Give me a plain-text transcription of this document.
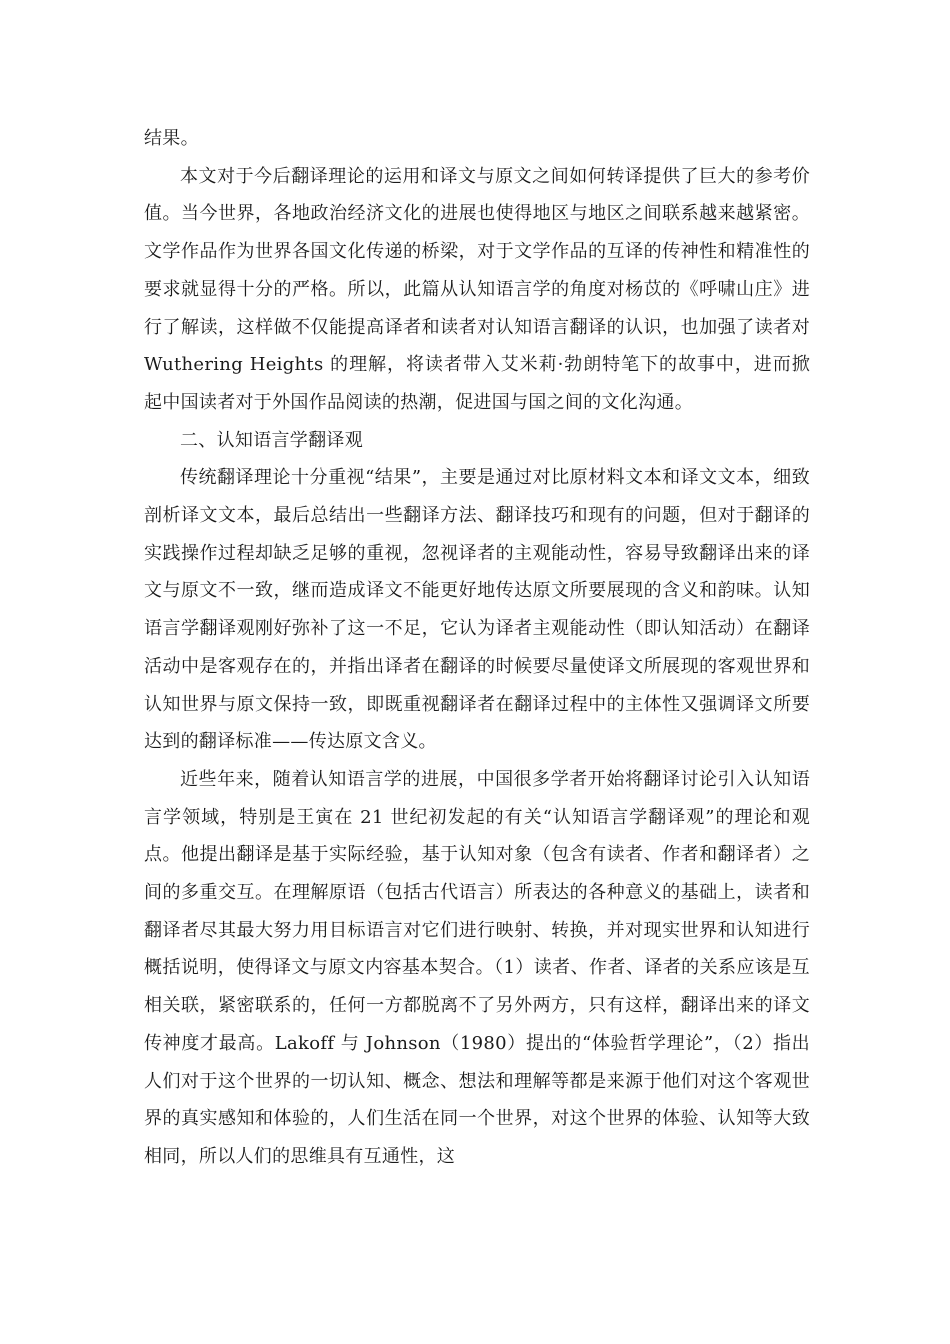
结果。

本文对于今后翻译理论的运用和译文与原文之间如何转译提供了巨大的参考价值。当今世界，各地政治经济文化的进展也使得地区与地区之间联系越来越紧密。文学作品作为世界各国文化传递的桥梁，对于文学作品的互译的传神性和精准性的要求就显得十分的严格。所以，此篇从认知语言学的角度对杨苡的《呼啸山庄》进行了解读，这样做不仅能提高译者和读者对认知语言翻译的认识，也加强了读者对 Wuthering Heights 的理解，将读者带入艾米莉·勃朗特笔下的故事中，进而掀起中国读者对于外国作品阅读的热潮，促进国与国之间的文化沟通。

二、认知语言学翻译观

传统翻译理论十分重视“结果”，主要是通过对比原材料文本和译文文本，细致剖析译文文本，最后总结出一些翻译方法、翻译技巧和现有的问题，但对于翻译的实践操作过程却缺乏足够的重视，忽视译者的主观能动性，容易导致翻译出来的译文与原文不一致，继而造成译文不能更好地传达原文所要展现的含义和韵味。认知语言学翻译观刚好弥补了这一不足，它认为译者主观能动性（即认知活动）在翻译活动中是客观存在的，并指出译者在翻译的时候要尽量使译文所展现的客观世界和认知世界与原文保持一致，即既重视翻译者在翻译过程中的主体性又强调译文所要达到的翻译标准——传达原文含义。

近些年来，随着认知语言学的进展，中国很多学者开始将翻译讨论引入认知语言学领域，特别是王寅在 21 世纪初发起的有关“认知语言学翻译观”的理论和观点。他提出翻译是基于实际经验，基于认知对象（包含有读者、作者和翻译者）之间的多重交互。在理解原语（包括古代语言）所表达的各种意义的基础上，读者和翻译者尽其最大努力用目标语言对它们进行映射、转换，并对现实世界和认知进行概括说明，使得译文与原文内容基本契合。（1）读者、作者、译者的关系应该是互相关联，紧密联系的，任何一方都脱离不了另外两方，只有这样，翻译出来的译文传神度才最高。Lakoff 与 Johnson（1980）提出的“体验哲学理论”，（2）指出人们对于这个世界的一切认知、概念、想法和理解等都是来源于他们对这个客观世界的真实感知和体验的，人们生活在同一个世界，对这个世界的体验、认知等大致相同，所以人们的思维具有互通性，这
